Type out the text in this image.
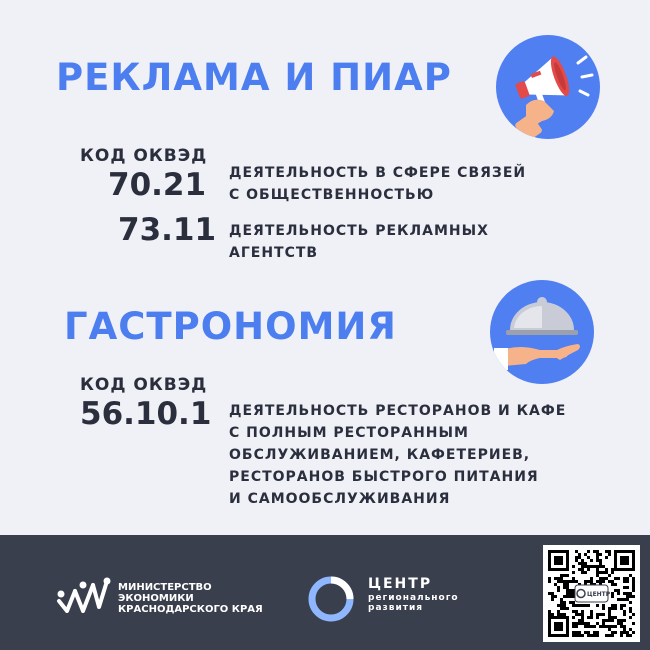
РЕКЛАМА И ПИАР
КОД ОКВЭД
70.21 ДЕЯТЕЛЬНОСТЬ В СФЕРЕ СВЯЗЕЙ
С ОБЩЕСТВЕННОСТЬЮ
73.11 ДЕЯТЕЛЬНОСТЬ РЕКЛАМНЫХ
АГЕНТСТВ
ГАСТРОНОМИЯ
КОД ОКВЭД
56.10.1 ДЕЯТЕЛЬНОСТЬ РЕСТОРАНОВ И КАФЕ
С ПОЛНЫМ РЕСТОРАННЫМ
ОБСЛУЖИВАНИЕМ, КАФЕТЕРИЕВ,
РЕСТОРАНОВ БЫСТРОГО ПИТАНИЯ
И САМООБСЛУЖИВАНИЯ
МИНИСТЕРСТВО
ЭКОНОМИКИ
КРАСНОДАРСКОГО КРАЯ
ЦЕНТР
регионального
развития
ЦЕНТР
